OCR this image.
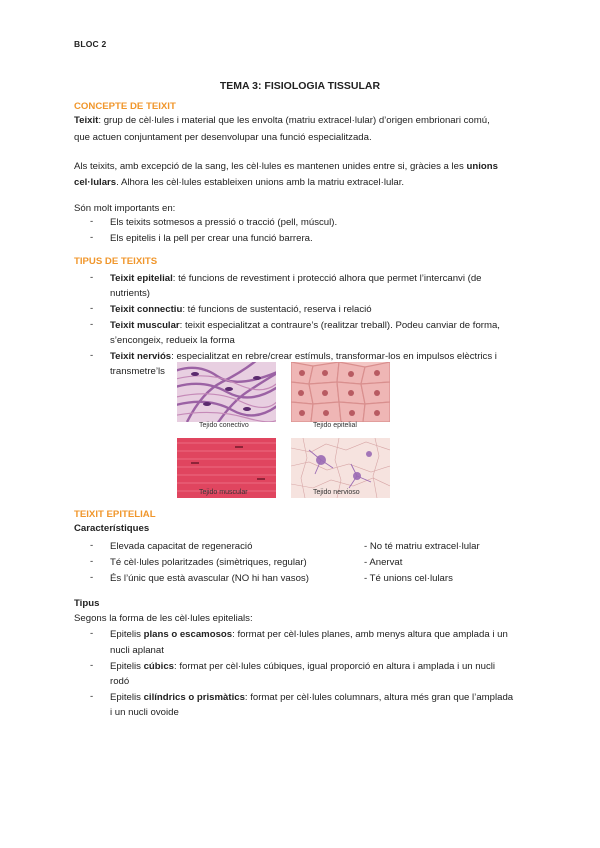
BLOC 2
TEMA 3: FISIOLOGIA TISSULAR
CONCEPTE DE TEIXIT
Teixit: grup de cèl·lules i material que les envolta (matriu extracel·lular) d’origen embrionari comú,
que actuen conjuntament per desenvolupar una funció especialitzada.
Als teixits, amb excepció de la sang, les cèl·lules es mantenen unides entre si, gràcies a les unions
cel·lulars. Alhora les cèl·lules estableixen unions amb la matriu extracel·lular.
Són molt importants en:
- Els teixits sotmesos a pressió o tracció (pell, múscul).
- Els epitelis i la pell per crear una funció barrera.
TIPUS DE TEIXITS
- Teixit epitelial: té funcions de revestiment i protecció alhora que permet l’intercanvi (de
nutrients)
- Teixit connectiu: té funcions de sustentació, reserva i relació
- Teixit muscular: teixit especialitzat a contraure’s (realitzar treball). Podeu canviar de forma,
s’encongeix, redueix la forma
- Teixit nerviós: especialitzat en rebre/crear estímuls, transformar-los en impulsos elèctrics i
transmetre’ls
Tejido conectivo	Tejido epitelial
Tejido muscular	Tejido nervioso
TEIXIT EPITELIAL
Característiques
- Elevada capacitat de regeneració	- No té matriu extracel·lular
- Té cèl·lules polaritzades (simètriques, regular)	- Anervat
- És l’únic que està avascular (NO hi han vasos)	- Té unions cel·lulars
Tipus
Segons la forma de les cèl·lules epitelials:
- Epitelis plans o escamosos: format per cèl·lules planes, amb menys altura que amplada i un
nucli aplanat
- Epitelis cúbics: format per cèl·lules cúbiques, igual proporció en altura i amplada i un nucli
rodó
- Epitelis cilíndrics o prismàtics: format per cèl·lules columnars, altura més gran que l’amplada
i un nucli ovoide
